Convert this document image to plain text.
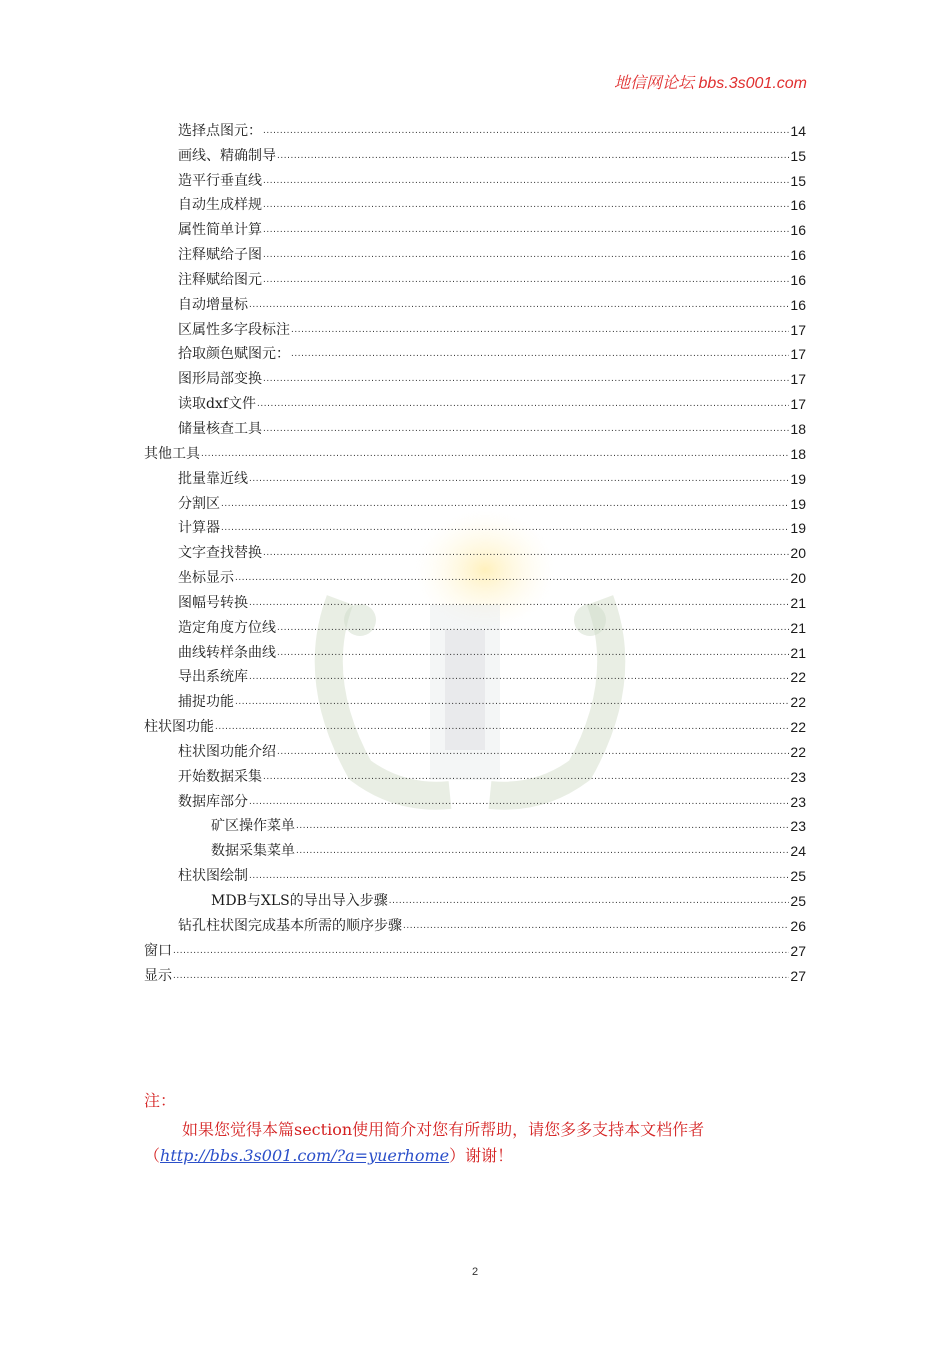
地信网论坛 bbs.3s001.com
选择点图元： .....	14
画线、精确制导 .....	15
造平行垂直线 .....	15
自动生成样规 .....	16
属性简单计算 .....	16
注释赋给子图 .....	16
注释赋给图元 .....	16
自动增量标 .....	16
区属性多字段标注 .....	17
拾取颜色赋图元： .....	17
图形局部变换 .....	17
读取dxf文件 .....	17
储量核查工具 .....	18
其他工具 .....	18
批量靠近线 .....	19
分割区 .....	19
计算器 .....	19
文字查找替换 .....	20
坐标显示 .....	20
图幅号转换 .....	21
造定角度方位线 .....	21
曲线转样条曲线 .....	21
导出系统库 .....	22
捕捉功能 .....	22
柱状图功能 .....	22
柱状图功能介绍 .....	22
开始数据采集 .....	23
数据库部分 .....	23
矿区操作菜单 .....	23
数据采集菜单 .....	24
柱状图绘制 .....	25
MDB与XLS的导出导入步骤 .....	25
钻孔柱状图完成基本所需的顺序步骤 .....	26
窗口 .....	27
显示 .....	27

注：

如果您觉得本篇section使用简介对您有所帮助，请您多多支持本文档作者

（http://bbs.3s001.com/?a=yuerhome）谢谢！

2
